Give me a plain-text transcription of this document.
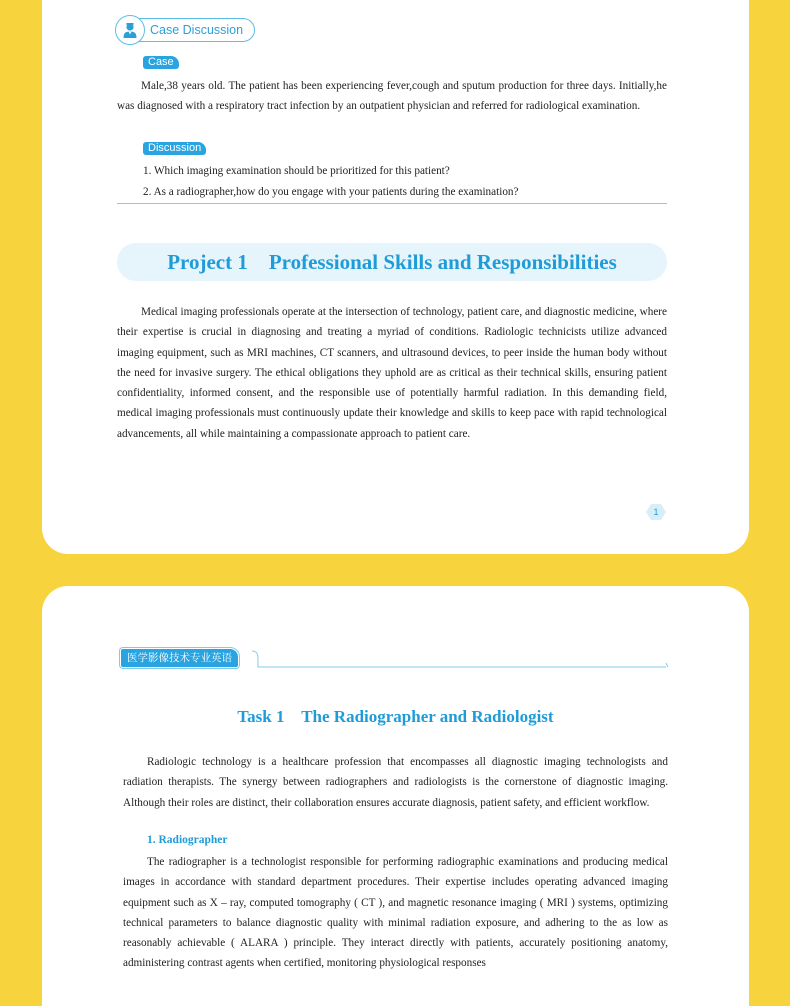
Case Discussion
Case

Male,38 years old. The patient has been experiencing fever,cough and sputum production for three days. Initially,he was diagnosed with a respiratory tract infection by an outpatient physician and referred for radiological examination.

Discussion
1. Which imaging examination should be prioritized for this patient?
2. As a radiographer,how do you engage with your patients during the examination?
Project 1    Professional Skills and Responsibilities

Medical imaging professionals operate at the intersection of technology, patient care, and diagnostic medicine, where their expertise is crucial in diagnosing and treating a myriad of conditions. Radiologic technicists utilize advanced imaging equipment, such as MRI machines, CT scanners, and ultrasound devices, to peer inside the human body without the need for invasive surgery. The ethical obligations they uphold are as critical as their technical skills, ensuring patient confidentiality, informed consent, and the responsible use of potentially harmful radiation. In this demanding field, medical imaging professionals must continuously update their knowledge and skills to keep pace with rapid technological advancements, all while maintaining a compassionate approach to patient care.

1
医学影像技术专业英语
Task 1    The Radiographer and Radiologist

Radiologic technology is a healthcare profession that encompasses all diagnostic imaging technologists and radiation therapists. The synergy between radiographers and radiologists is the cornerstone of diagnostic imaging. Although their roles are distinct, their collaboration ensures accurate diagnosis, patient safety, and efficient workflow.

1. Radiographer

The radiographer is a technologist responsible for performing radiographic examinations and producing medical images in accordance with standard department procedures. Their expertise includes operating advanced imaging equipment such as X – ray, computed tomography ( CT ), and magnetic resonance imaging ( MRI ) systems, optimizing technical parameters to balance diagnostic quality with minimal radiation exposure, and adhering to the as low as reasonably achievable ( ALARA ) principle. They interact directly with patients, accurately positioning anatomy, administering contrast agents when certified, monitoring physiological responses
